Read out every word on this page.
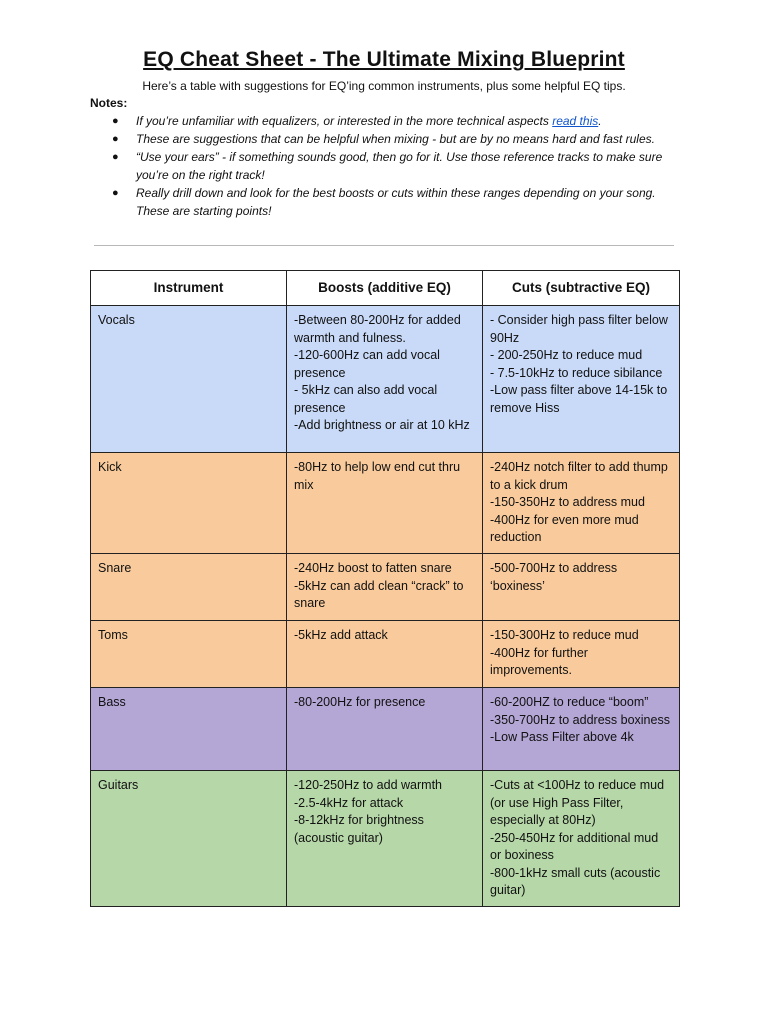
EQ Cheat Sheet - The Ultimate Mixing Blueprint
Here’s a table with suggestions for EQ’ing common instruments, plus some helpful EQ tips.
Notes:
● If you’re unfamiliar with equalizers, or interested in the more technical aspects read this.
● These are suggestions that can be helpful when mixing - but are by no means hard and fast rules.
● “Use your ears” - if something sounds good, then go for it. Use those reference tracks to make sure you’re on the right track!
● Really drill down and look for the best boosts or cuts within these ranges depending on your song. These are starting points!
Instrument	Boosts (additive EQ)	Cuts (subtractive EQ)
Vocals	-Between 80-200Hz for added warmth and fulness.
-120-600Hz can add vocal presence
- 5kHz can also add vocal presence
-Add brightness or air at 10 kHz	- Consider high pass filter below 90Hz
- 200-250Hz to reduce mud
- 7.5-10kHz to reduce sibilance
-Low pass filter above 14-15k to remove Hiss

Kick	-80Hz to help low end cut thru mix	-240Hz notch filter to add thump to a kick drum
-150-350Hz to address mud
-400Hz for even more mud reduction

Snare	-240Hz boost to fatten snare
-5kHz can add clean “crack” to snare	-500-700Hz to address ‘boxiness’

Toms	-5kHz add attack	-150-300Hz to reduce mud
-400Hz for further improvements.

Bass	-80-200Hz for presence	-60-200HZ to reduce “boom”
-350-700Hz to address boxiness
-Low Pass Filter above 4k

Guitars	-120-250Hz to add warmth
-2.5-4kHz for attack
-8-12kHz for brightness (acoustic guitar)	-Cuts at <100Hz to reduce mud (or use High Pass Filter, especially at 80Hz)
-250-450Hz for additional mud or boxiness
-800-1kHz small cuts (acoustic guitar)
